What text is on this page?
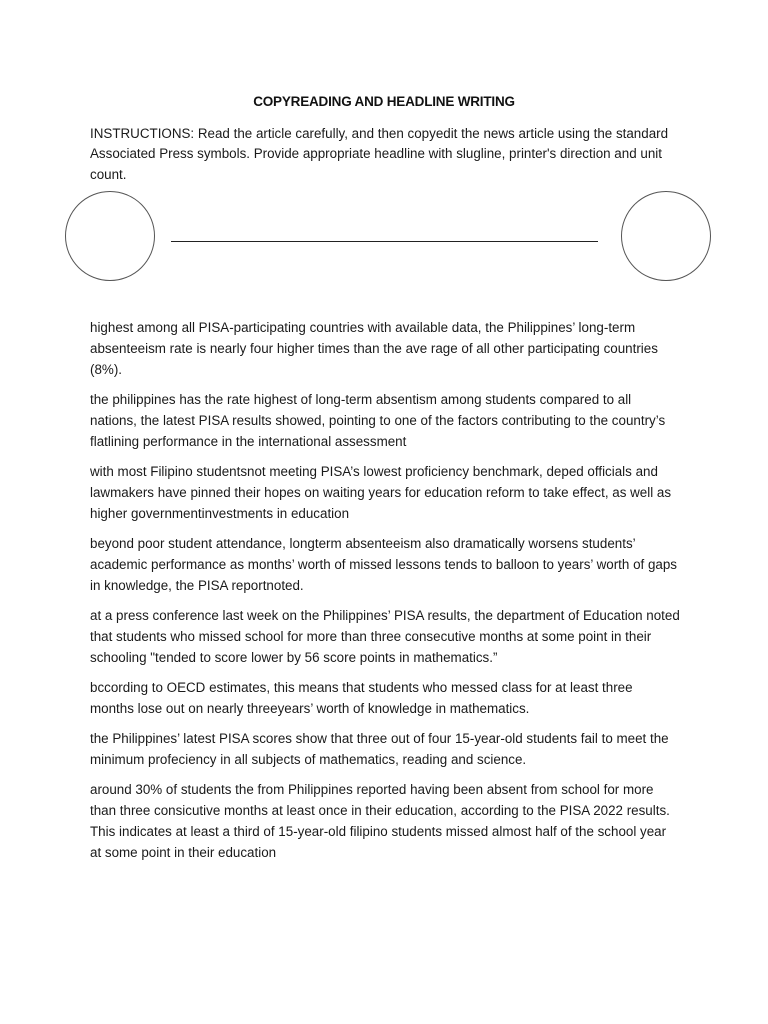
COPYREADING AND HEADLINE WRITING
INSTRUCTIONS: Read the article carefully, and then copyedit the news article using the standard Associated Press symbols. Provide appropriate headline with slugline, printer's direction and unit count.

highest among all PISA-participating countries with available data, the Philippines’ long-term absenteeism rate is nearly four higher times than the ave rage of all other participating countries (8%).

the philippines has the rate highest of long-term absentism among students compared to all nations, the latest PISA results showed, pointing to one of the factors contributing to the country’s flatlining performance in the international assessment

with most Filipino studentsnot meeting PISA’s lowest proficiency benchmark, deped officials and lawmakers have pinned their hopes on waiting years for education reform to take effect, as well as higher governmentinvestments in education

beyond poor student attendance, longterm absenteeism also dramatically worsens students’ academic performance as months’ worth of missed lessons tends to balloon to years’ worth of gaps in knowledge, the PISA reportnoted.

at a press conference last week on the Philippines’ PISA results, the department of Education noted that students who missed school for more than three consecutive months at some point in their schooling "tended to score lower by 56 score points in mathematics.”

bccording to OECD estimates, this means that students who messed class for at least three months lose out on nearly threeyears’ worth of knowledge in mathematics.

the Philippines’ latest PISA scores show that three out of four 15-year-old students fail to meet the minimum profeciency in all subjects of mathematics, reading and science.

around 30% of students the from Philippines reported having been absent from school for more than three consicutive months at least once in their education, according to the PISA 2022 results. This indicates at least a third of 15-year-old filipino students missed almost half of the school year at some point in their education
